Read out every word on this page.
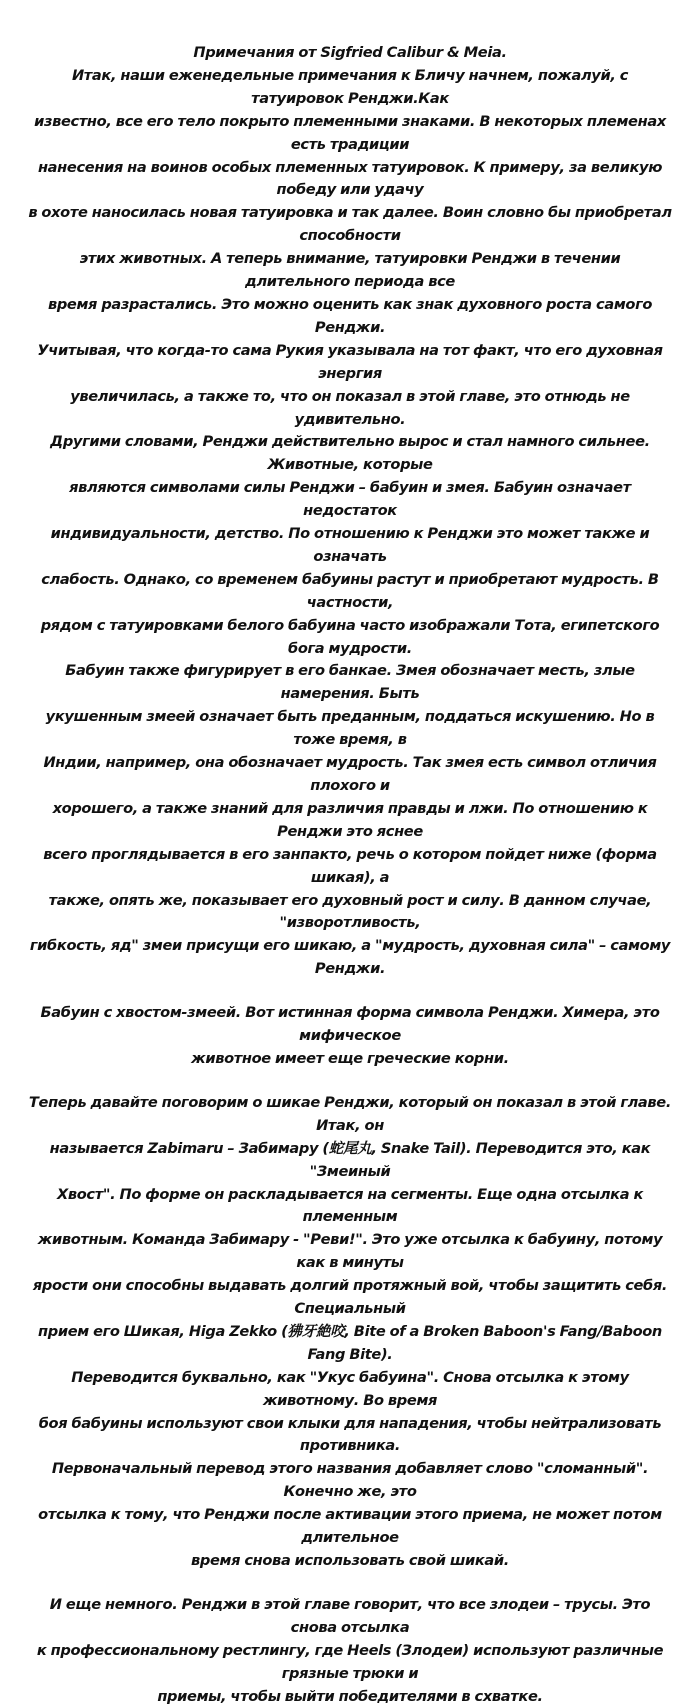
Примечания от Sigfried Calibur & Meia.
Итак, наши еженедельные примечания к Бличу начнем, пожалуй, с татуировок Ренджи.Как
известно, все его тело покрыто племенными знаками. В некоторых племенах есть традиции
нанесения на воинов особых племенных татуировок. К примеру, за великую победу или удачу
в охоте наносилась новая татуировка и так далее. Воин словно бы приобретал способности
этих животных. А теперь внимание, татуировки Ренджи в течении длительного периода все
время разрастались. Это можно оценить как знак духовного роста самого Ренджи.
Учитывая, что когда-то сама Рукия указывала на тот факт, что его духовная энергия
увеличилась, а также то, что он показал в этой главе, это отнюдь не удивительно.
Другими словами, Ренджи действительно вырос и стал намного сильнее. Животные, которые
являются символами силы Ренджи – бабуин и змея. Бабуин означает недостаток
индивидуальности, детство. По отношению к Ренджи это может также и означать
слабость. Однако, со временем бабуины растут и приобретают мудрость. В частности,
рядом с татуировками белого бабуина часто изображали Тота, египетского бога мудрости.
Бабуин также фигурирует в его банкае. Змея обозначает месть, злые намерения. Быть
укушенным змеей означает быть преданным, поддаться искушению. Но в тоже время, в
Индии, например, она обозначает мудрость. Так змея есть символ отличия плохого и
хорошего, а также знаний для различия правды и лжи. По отношению к Ренджи это яснее
всего проглядывается в его занпакто, речь о котором пойдет ниже (форма шикая), а
также, опять же, показывает его духовный рост и силу. В данном случае, "изворотливость,
гибкость, яд" змеи присущи его шикаю, а "мудрость, духовная сила" – самому Ренджи.

Бабуин с хвостом-змеей. Вот истинная форма символа Ренджи. Химера, это мифическое
животное имеет еще греческие корни.

Теперь давайте поговорим о шикае Ренджи, который он показал в этой главе. Итак, он
называется Zabimaru – Забимару (蛇尾丸, Snake Tail). Переводится это, как "Змеиный
Хвост". По форме он раскладывается на сегменты. Еще одна отсылка к племенным
животным. Команда Забимару - "Реви!". Это уже отсылка к бабуину, потому как в минуты
ярости они способны выдавать долгий протяжный вой, чтобы защитить себя. Специальный
прием его Шикая, Higa Zekko (狒牙絶咬, Bite of a Broken Baboon's Fang/Baboon Fang Bite).
Переводится буквально, как "Укус бабуина". Снова отсылка к этому животному. Во время
боя бабуины используют свои клыки для нападения, чтобы нейтрализовать противника.
Первоначальный перевод этого названия добавляет слово "сломанный". Конечно же, это
отсылка к тому, что Ренджи после активации этого приема, не может потом длительное
время снова использовать свой шикай.

И еще немного. Ренджи в этой главе говорит, что все злодеи – трусы. Это снова отсылка
к профессиональному рестлингу, где Heels (Злодеи) используют различные грязные трюки и
приемы, чтобы выйти победителями в схватке.
